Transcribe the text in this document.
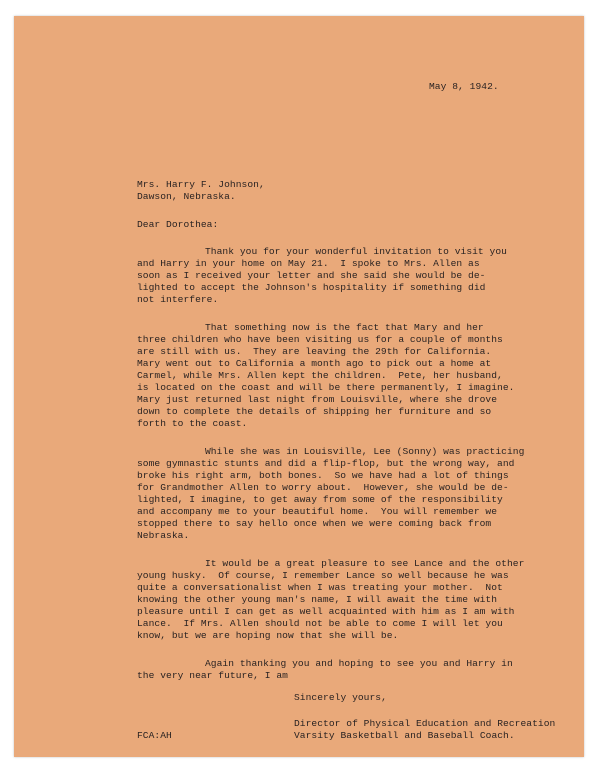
May 8, 1942.
Mrs. Harry F. Johnson,
Dawson, Nebraska.
Dear Dorothea:
Thank you for your wonderful invitation to visit you
and Harry in your home on May 21.  I spoke to Mrs. Allen as
soon as I received your letter and she said she would be de-
lighted to accept the Johnson's hospitality if something did
not interfere.
That something now is the fact that Mary and her
three children who have been visiting us for a couple of months
are still with us.  They are leaving the 29th for California.
Mary went out to California a month ago to pick out a home at
Carmel, while Mrs. Allen kept the children.  Pete, her husband,
is located on the coast and will be there permanently, I imagine.
Mary just returned last night from Louisville, where she drove
down to complete the details of shipping her furniture and so
forth to the coast.
While she was in Louisville, Lee (Sonny) was practicing
some gymnastic stunts and did a flip-flop, but the wrong way, and
broke his right arm, both bones.  So we have had a lot of things
for Grandmother Allen to worry about.  However, she would be de-
lighted, I imagine, to get away from some of the responsibility
and accompany me to your beautiful home.  You will remember we
stopped there to say hello once when we were coming back from
Nebraska.
It would be a great pleasure to see Lance and the other
young husky.  Of course, I remember Lance so well because he was
quite a conversationalist when I was treating your mother.  Not
knowing the other young man's name, I will await the time with
pleasure until I can get as well acquainted with him as I am with
Lance.  If Mrs. Allen should not be able to come I will let you
know, but we are hoping now that she will be.
Again thanking you and hoping to see you and Harry in
the very near future, I am
Sincerely yours,
FCA:AH
Director of Physical Education and Recreation
Varsity Basketball and Baseball Coach.
